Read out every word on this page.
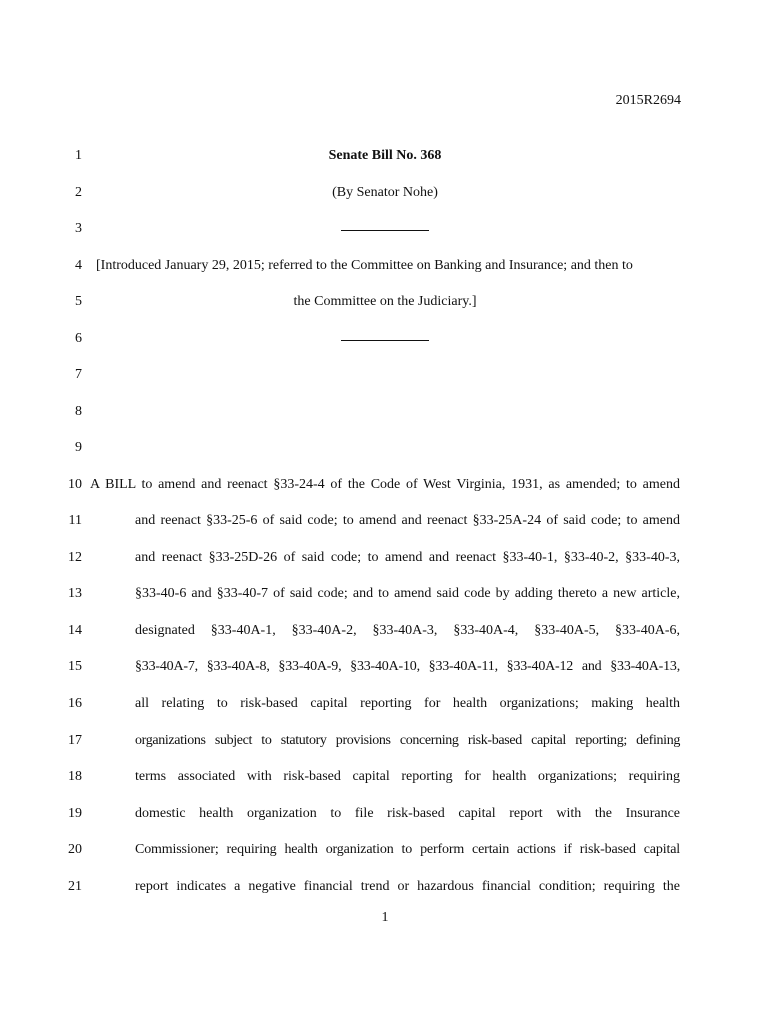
2015R2694
1	Senate Bill No. 368
2	(By Senator Nohe)
3
4 [Introduced January 29, 2015; referred to the Committee on Banking and Insurance; and then to
5	the Committee on the Judiciary.]
6
7
8
9
10 A BILL to amend and reenact §33-24-4 of the Code of West Virginia, 1931, as amended; to amend
11	and reenact §33-25-6 of said code; to amend and reenact §33-25A-24 of said code; to amend
12	and reenact §33-25D-26 of said code; to amend and reenact §33-40-1, §33-40-2, §33-40-3,
13	§33-40-6 and §33-40-7 of said code; and to amend said code by adding thereto a new article,
14	designated §33-40A-1, §33-40A-2, §33-40A-3, §33-40A-4, §33-40A-5, §33-40A-6,
15	§33-40A-7, §33-40A-8, §33-40A-9, §33-40A-10, §33-40A-11, §33-40A-12 and §33-40A-13,
16	all relating to risk-based capital reporting for health organizations; making health
17	organizations subject to statutory provisions concerning risk-based capital reporting; defining
18	terms associated with risk-based capital reporting for health organizations; requiring
19	domestic health organization to file risk-based capital report with the Insurance
20	Commissioner; requiring health organization to perform certain actions if risk-based capital
21	report indicates a negative financial trend or hazardous financial condition; requiring the
1
